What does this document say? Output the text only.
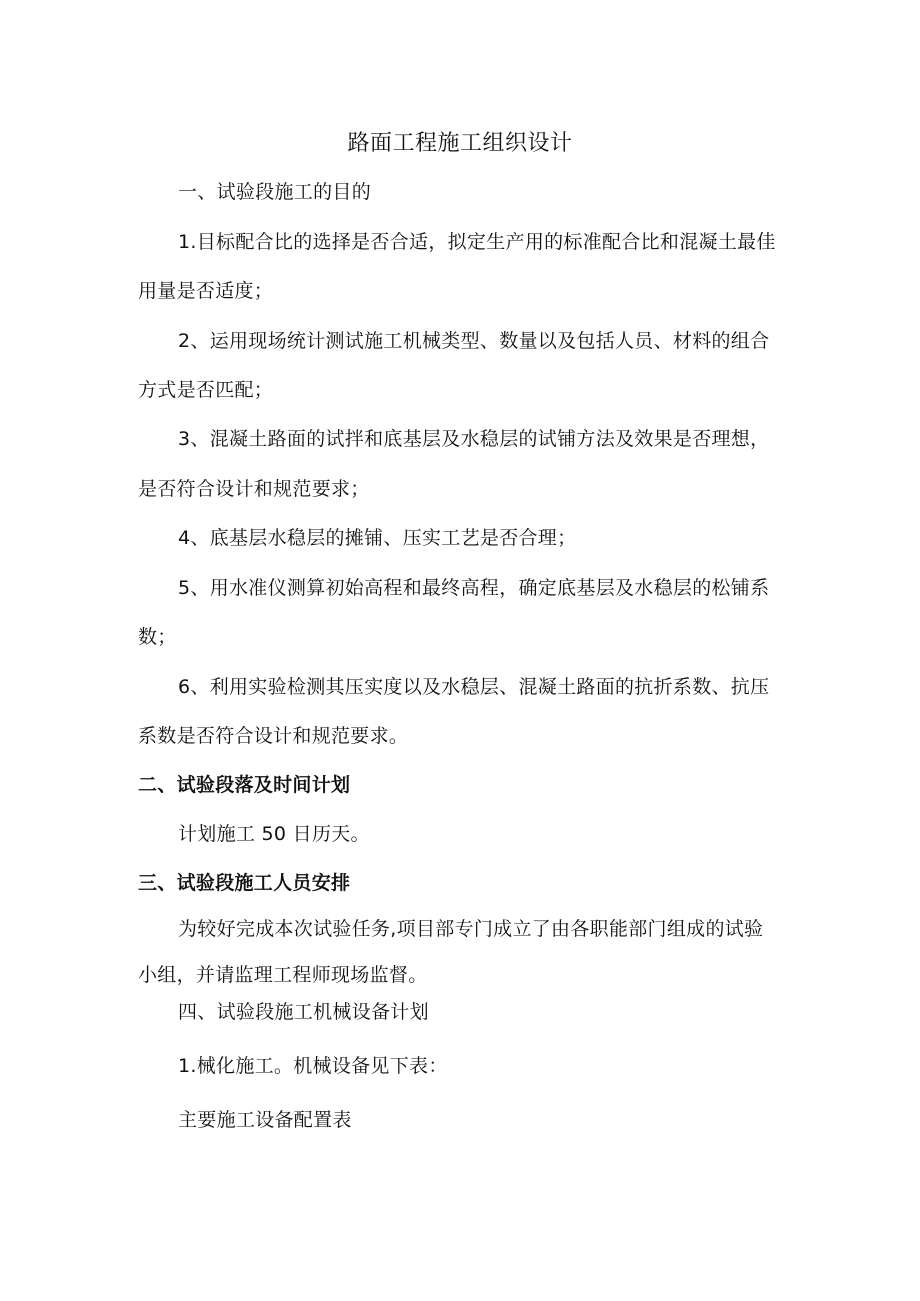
路面工程施工组织设计
一、试验段施工的目的
1.目标配合比的选择是否合适，拟定生产用的标准配合比和混凝土最佳
用量是否适度；
2、运用现场统计测试施工机械类型、数量以及包括人员、材料的组合
方式是否匹配；
3、混凝土路面的试拌和底基层及水稳层的试铺方法及效果是否理想，
是否符合设计和规范要求；
4、底基层水稳层的摊铺、压实工艺是否合理；
5、用水准仪测算初始高程和最终高程，确定底基层及水稳层的松铺系
数；
6、利用实验检测其压实度以及水稳层、混凝土路面的抗折系数、抗压
系数是否符合设计和规范要求。
二、试验段落及时间计划
计划施工 50 日历天。
三、试验段施工人员安排
为较好完成本次试验任务,项目部专门成立了由各职能部门组成的试验
小组，并请监理工程师现场监督。
四、试验段施工机械设备计划
1.械化施工。机械设备见下表：
主要施工设备配置表
